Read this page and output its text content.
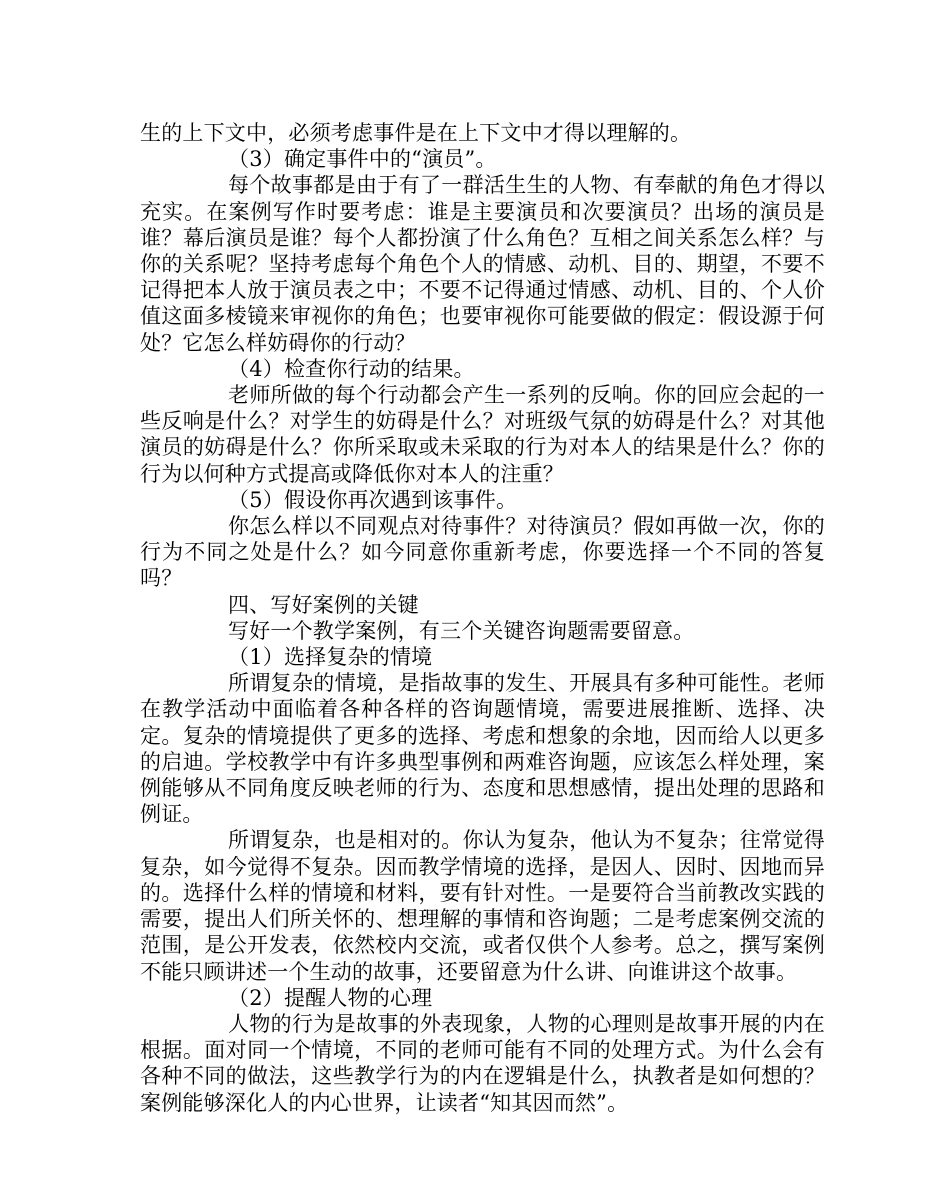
生的上下文中，必须考虑事件是在上下文中才得以理解的。

（3）确定事件中的“演员”。

每个故事都是由于有了一群活生生的人物、有奉献的角色才得以充实。在案例写作时要考虑：谁是主要演员和次要演员？出场的演员是谁？幕后演员是谁？每个人都扮演了什么角色？互相之间关系怎么样？与你的关系呢？坚持考虑每个角色个人的情感、动机、目的、期望，不要不记得把本人放于演员表之中；不要不记得通过情感、动机、目的、个人价值这面多棱镜来审视你的角色；也要审视你可能要做的假定：假设源于何处？它怎么样妨碍你的行动？

（4）检查你行动的结果。

老师所做的每个行动都会产生一系列的反响。你的回应会起的一些反响是什么？对学生的妨碍是什么？对班级气氛的妨碍是什么？对其他演员的妨碍是什么？你所采取或未采取的行为对本人的结果是什么？你的行为以何种方式提高或降低你对本人的注重？

（5）假设你再次遇到该事件。

你怎么样以不同观点对待事件？对待演员？假如再做一次，你的行为不同之处是什么？如今同意你重新考虑，你要选择一个不同的答复吗？

四、写好案例的关键

写好一个教学案例，有三个关键咨询题需要留意。

（1）选择复杂的情境

所谓复杂的情境，是指故事的发生、开展具有多种可能性。老师在教学活动中面临着各种各样的咨询题情境，需要进展推断、选择、决定。复杂的情境提供了更多的选择、考虑和想象的余地，因而给人以更多的启迪。学校教学中有许多典型事例和两难咨询题，应该怎么样处理，案例能够从不同角度反映老师的行为、态度和思想感情，提出处理的思路和例证。

所谓复杂，也是相对的。你认为复杂，他认为不复杂；往常觉得复杂，如今觉得不复杂。因而教学情境的选择，是因人、因时、因地而异的。选择什么样的情境和材料，要有针对性。一是要符合当前教改实践的需要，提出人们所关怀的、想理解的事情和咨询题；二是考虑案例交流的范围，是公开发表，依然校内交流，或者仅供个人参考。总之，撰写案例不能只顾讲述一个生动的故事，还要留意为什么讲、向谁讲这个故事。

（2）提醒人物的心理

人物的行为是故事的外表现象，人物的心理则是故事开展的内在根据。面对同一个情境，不同的老师可能有不同的处理方式。为什么会有各种不同的做法，这些教学行为的内在逻辑是什么，执教者是如何想的？案例能够深化人的内心世界，让读者“知其因而然”。
